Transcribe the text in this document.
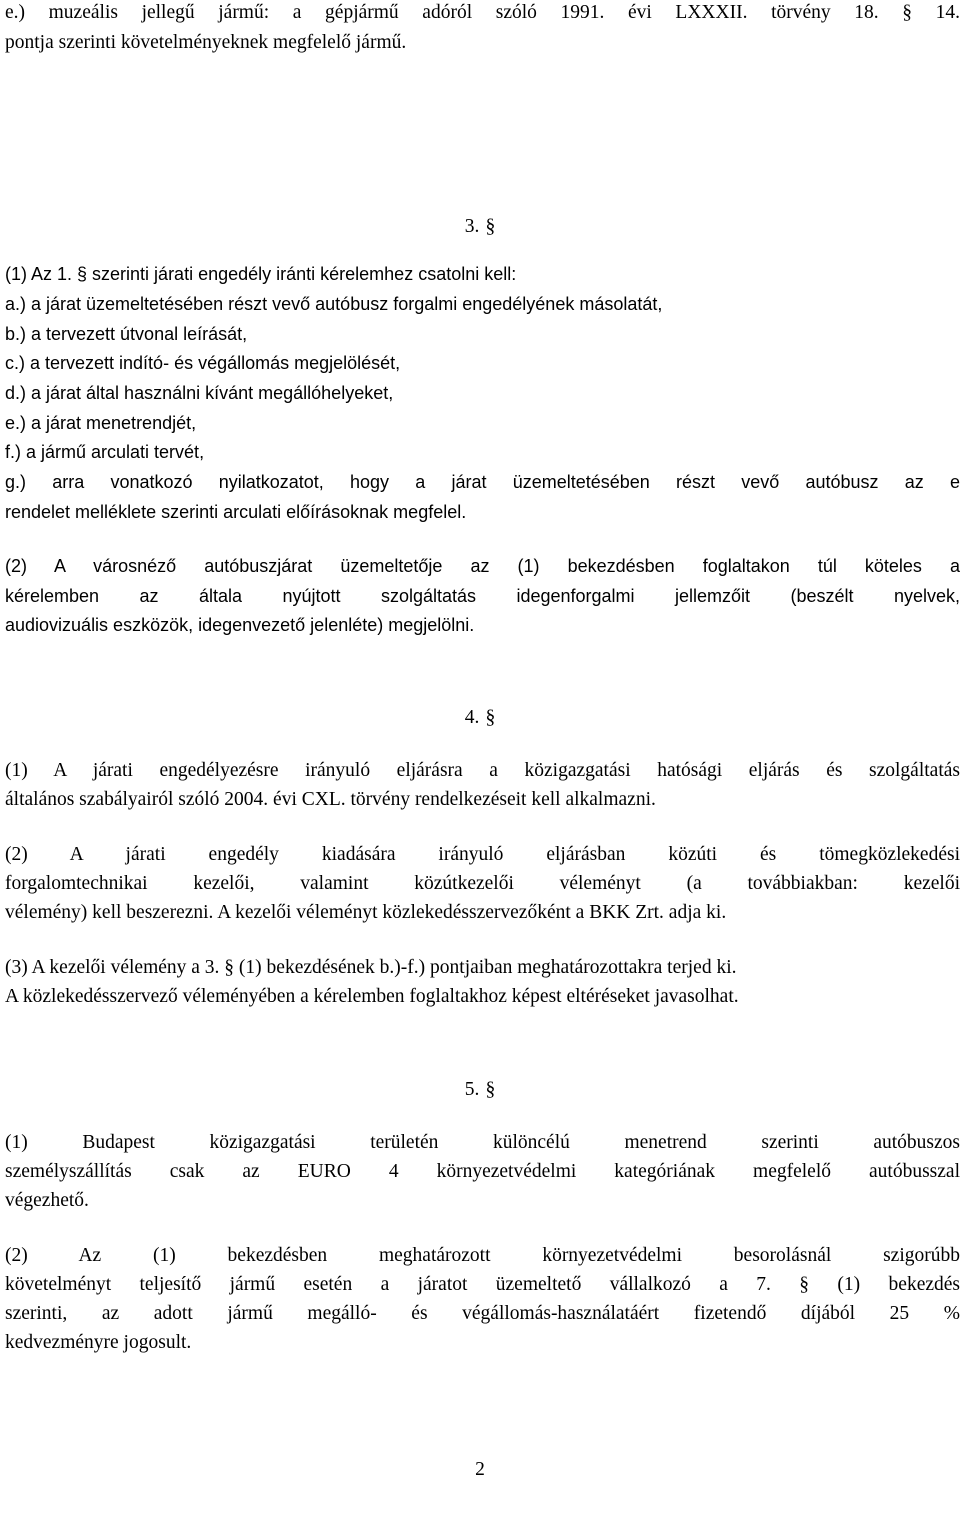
e.) muzeális jellegű jármű: a gépjármű adóról szóló 1991. évi LXXXII. törvény 18. § 14.
pontja szerinti követelményeknek megfelelő jármű.
3. §
(1) Az 1. § szerinti járati engedély iránti kérelemhez csatolni kell:
a.) a járat üzemeltetésében részt vevő autóbusz forgalmi engedélyének másolatát,
b.) a tervezett útvonal leírását,
c.) a tervezett indító- és végállomás megjelölését,
d.) a járat által használni kívánt megállóhelyeket,
e.) a járat menetrendjét,
f.) a jármű arculati tervét,
g.) arra vonatkozó nyilatkozatot, hogy a járat üzemeltetésében részt vevő autóbusz az e
rendelet melléklete szerinti arculati előírásoknak megfelel.
(2) A városnéző autóbuszjárat üzemeltetője az (1) bekezdésben foglaltakon túl köteles a
kérelemben az általa nyújtott szolgáltatás idegenforgalmi jellemzőit (beszélt nyelvek,
audiovizuális eszközök, idegenvezető jelenléte) megjelölni.
4. §
(1) A járati engedélyezésre irányuló eljárásra a közigazgatási hatósági eljárás és szolgáltatás
általános szabályairól szóló 2004. évi CXL. törvény rendelkezéseit kell alkalmazni.
(2) A járati engedély kiadására irányuló eljárásban közúti és tömegközlekedési
forgalomtechnikai kezelői, valamint közútkezelői véleményt (a továbbiakban: kezelői
vélemény) kell beszerezni. A kezelői véleményt közlekedésszervezőként a BKK Zrt. adja ki.
(3) A kezelői vélemény a 3. § (1) bekezdésének b.)-f.) pontjaiban meghatározottakra terjed ki.
A közlekedésszervező véleményében a kérelemben foglaltakhoz képest eltéréseket javasolhat.
5. §
(1) Budapest közigazgatási területén különcélú menetrend szerinti autóbuszos
személyszállítás csak az EURO 4 környezetvédelmi kategóriának megfelelő autóbusszal
végezhető.
(2) Az (1) bekezdésben meghatározott környezetvédelmi besorolásnál szigorúbb
követelményt teljesítő jármű esetén a járatot üzemeltető vállalkozó a 7. § (1) bekezdés
szerinti, az adott jármű megálló- és végállomás-használatáért fizetendő díjából 25 %
kedvezményre jogosult.
2
